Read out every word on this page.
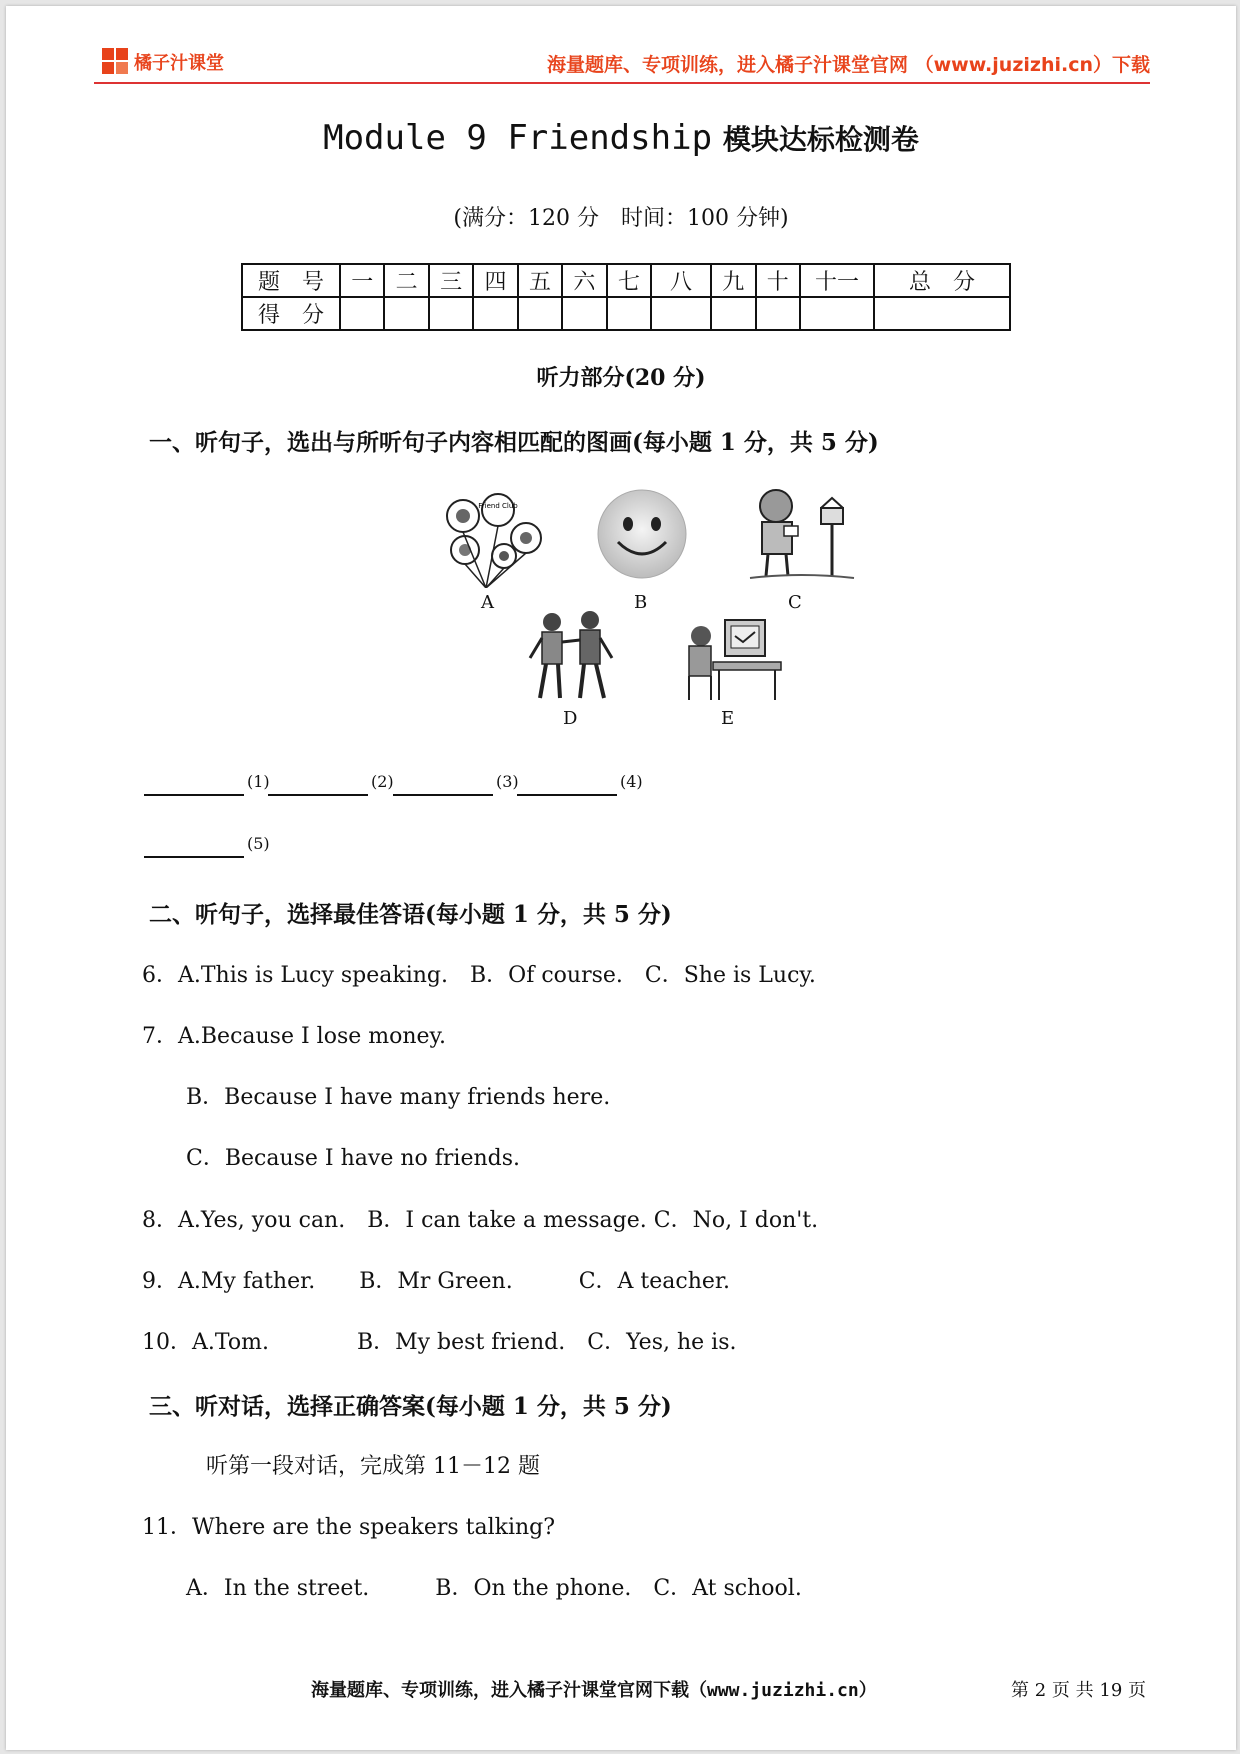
橘子汁课堂	海量题库、专项训练，进入橘子汁课堂官网 （www.juzizhi.cn）下载
Module 9 Friendship 模块达标检测卷
(满分：120 分　时间：100 分钟)
题　号	一	二	三	四	五	六	七	八	九	十	十一	总　分
得　分												
听力部分(20 分)
一、听句子，选出与所听句子内容相匹配的图画(每小题 1 分，共 5 分)
Friend Club
A	B	C
D	E
(1)	(2)	(3)	(4)
(5)
二、听句子，选择最佳答语(每小题 1 分，共 5 分)
6．A.This is Lucy speaking.　B．Of course.　C．She is Lucy.
7．A.Because I lose money.
B．Because I have many friends here.
C．Because I have no friends.
8．A.Yes, you can.　B．I can take a message. C．No, I don't.
9．A.My father.　　B．Mr Green.　　　C．A teacher.
10．A.Tom.　　　　B．My best friend.　C．Yes, he is.
三、听对话，选择正确答案(每小题 1 分，共 5 分)
听第一段对话，完成第 11－12 题
11．Where are the speakers talking?
A．In the street.　　　B．On the phone.　C．At school.
海量题库、专项训练，进入橘子汁课堂官网下载（www.juzizhi.cn）	第 2 页 共 19 页
